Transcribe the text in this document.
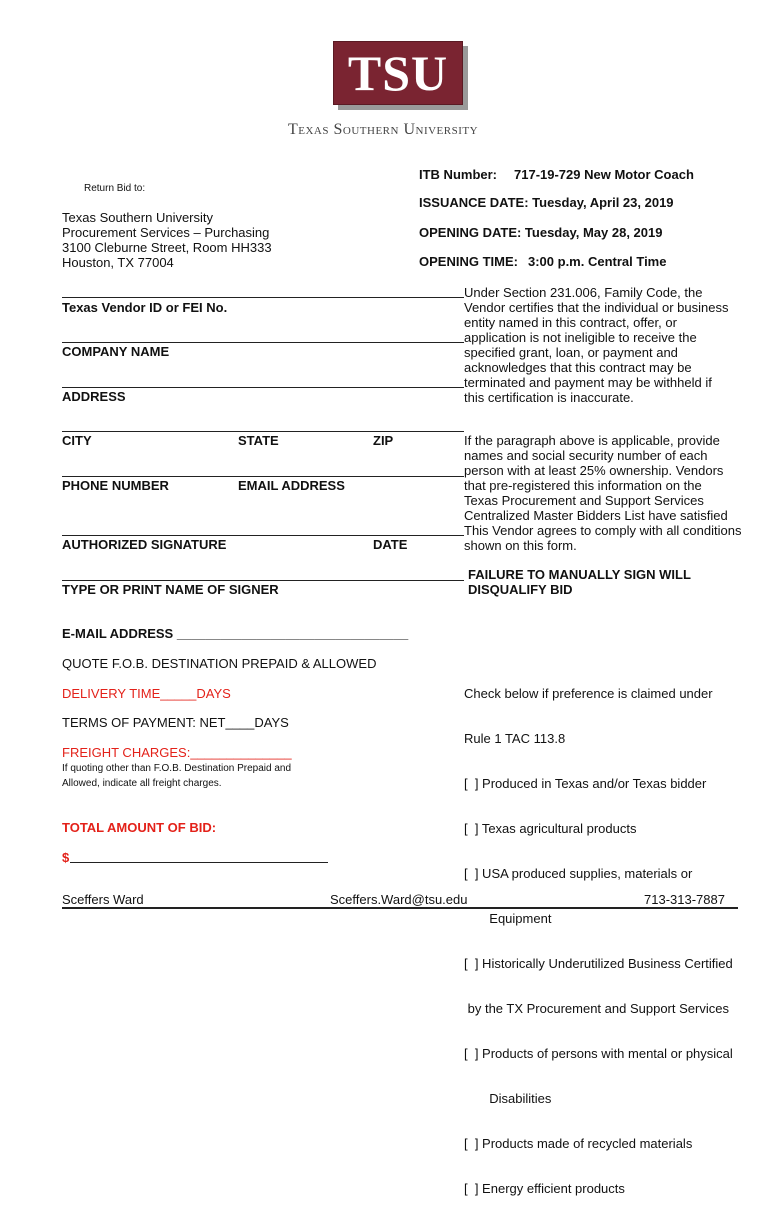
TSU
Texas Southern University
ITB Number: 717-19-729 New Motor Coach
Return Bid to:
ISSUANCE DATE: Tuesday, April 23, 2019
OPENING DATE: Tuesday, May 28, 2019
OPENING TIME: 3:00 p.m. Central Time
Texas Southern University
Procurement Services – Purchasing
3100 Cleburne Street, Room HH333
Houston, TX 77004
Texas Vendor ID or FEI No.
COMPANY NAME
ADDRESS
CITY	STATE	ZIP
PHONE NUMBER	EMAIL ADDRESS
AUTHORIZED SIGNATURE	DATE
TYPE OR PRINT NAME OF SIGNER
E-MAIL ADDRESS ________________________________
Under Section 231.006, Family Code, the
Vendor certifies that the individual or business
entity named in this contract, offer, or
application is not ineligible to receive the
specified grant, loan, or payment and
acknowledges that this contract may be
terminated and payment may be withheld if
this certification is inaccurate.
If the paragraph above is applicable, provide
names and social security number of each
person with at least 25% ownership. Vendors
that pre-registered this information on the
Texas Procurement and Support Services
Centralized Master Bidders List have satisfied
This Vendor agrees to comply with all conditions
shown on this form.
FAILURE TO MANUALLY SIGN WILL
DISQUALIFY BID
QUOTE F.O.B. DESTINATION PREPAID & ALLOWED
DELIVERY TIME_____DAYS
TERMS OF PAYMENT: NET____DAYS
FREIGHT CHARGES:______________
If quoting other than F.O.B. Destination Prepaid and
Allowed, indicate all freight charges.
TOTAL AMOUNT OF BID:
$

Check below if preference is claimed under

Rule 1 TAC 113.8

[  ] Produced in Texas and/or Texas bidder

[  ] Texas agricultural products

[  ] USA produced supplies, materials or

Equipment

[  ] Historically Underutilized Business Certified

by the TX Procurement and Support Services

[  ] Products of persons with mental or physical

Disabilities

[  ] Products made of recycled materials

[  ] Energy efficient products

Sceffers Ward	Sceffers.Ward@tsu.edu	713-313-7887
